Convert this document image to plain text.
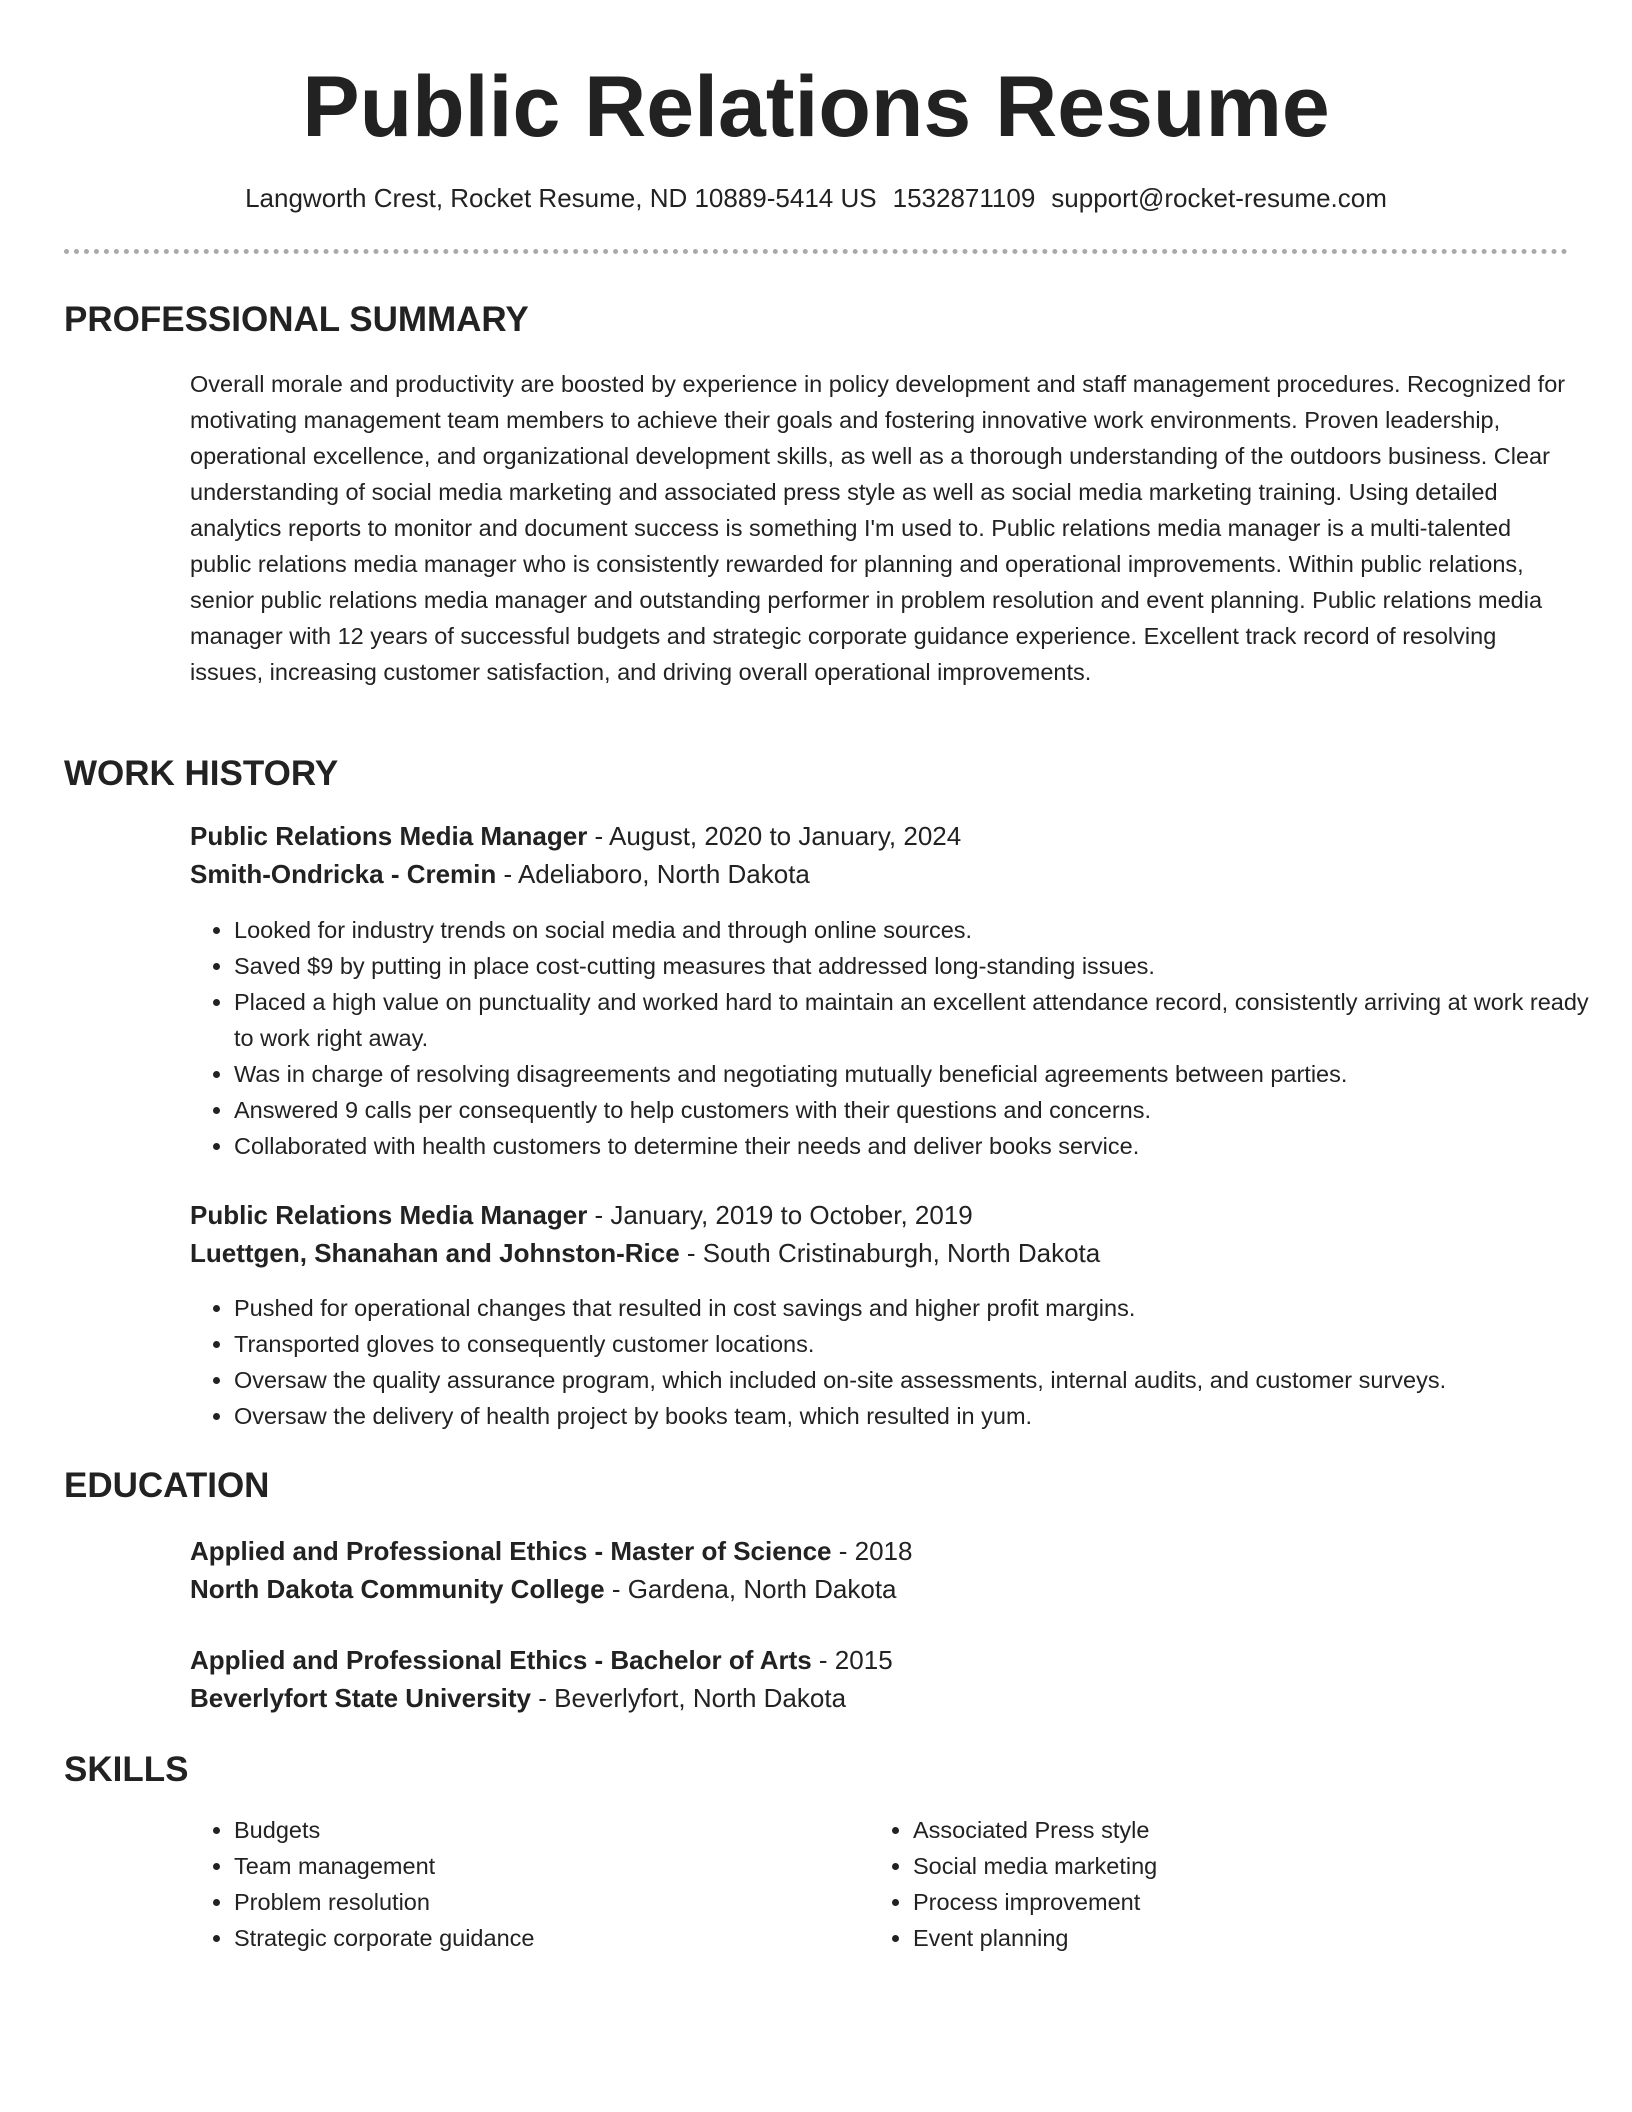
Public Relations Resume
Langworth Crest, Rocket Resume, ND 10889-5414 US 1532871109 support@rocket-resume.com
PROFESSIONAL SUMMARY
Overall morale and productivity are boosted by experience in policy development and staff management procedures. Recognized for motivating management team members to achieve their goals and fostering innovative work environments. Proven leadership, operational excellence, and organizational development skills, as well as a thorough understanding of the outdoors business. Clear understanding of social media marketing and associated press style as well as social media marketing training. Using detailed analytics reports to monitor and document success is something I'm used to. Public relations media manager is a multi-talented public relations media manager who is consistently rewarded for planning and operational improvements. Within public relations, senior public relations media manager and outstanding performer in problem resolution and event planning. Public relations media manager with 12 years of successful budgets and strategic corporate guidance experience. Excellent track record of resolving issues, increasing customer satisfaction, and driving overall operational improvements.
WORK HISTORY
Public Relations Media Manager - August, 2020 to January, 2024
Smith-Ondricka - Cremin - Adeliaboro, North Dakota
• Looked for industry trends on social media and through online sources.
• Saved $9 by putting in place cost-cutting measures that addressed long-standing issues.
• Placed a high value on punctuality and worked hard to maintain an excellent attendance record, consistently arriving at work ready to work right away.
• Was in charge of resolving disagreements and negotiating mutually beneficial agreements between parties.
• Answered 9 calls per consequently to help customers with their questions and concerns.
• Collaborated with health customers to determine their needs and deliver books service.
Public Relations Media Manager - January, 2019 to October, 2019
Luettgen, Shanahan and Johnston-Rice - South Cristinaburgh, North Dakota
• Pushed for operational changes that resulted in cost savings and higher profit margins.
• Transported gloves to consequently customer locations.
• Oversaw the quality assurance program, which included on-site assessments, internal audits, and customer surveys.
• Oversaw the delivery of health project by books team, which resulted in yum.
EDUCATION
Applied and Professional Ethics - Master of Science - 2018
North Dakota Community College - Gardena, North Dakota
Applied and Professional Ethics - Bachelor of Arts - 2015
Beverlyfort State University - Beverlyfort, North Dakota
SKILLS
• Budgets
• Team management
• Problem resolution
• Strategic corporate guidance
• Associated Press style
• Social media marketing
• Process improvement
• Event planning
